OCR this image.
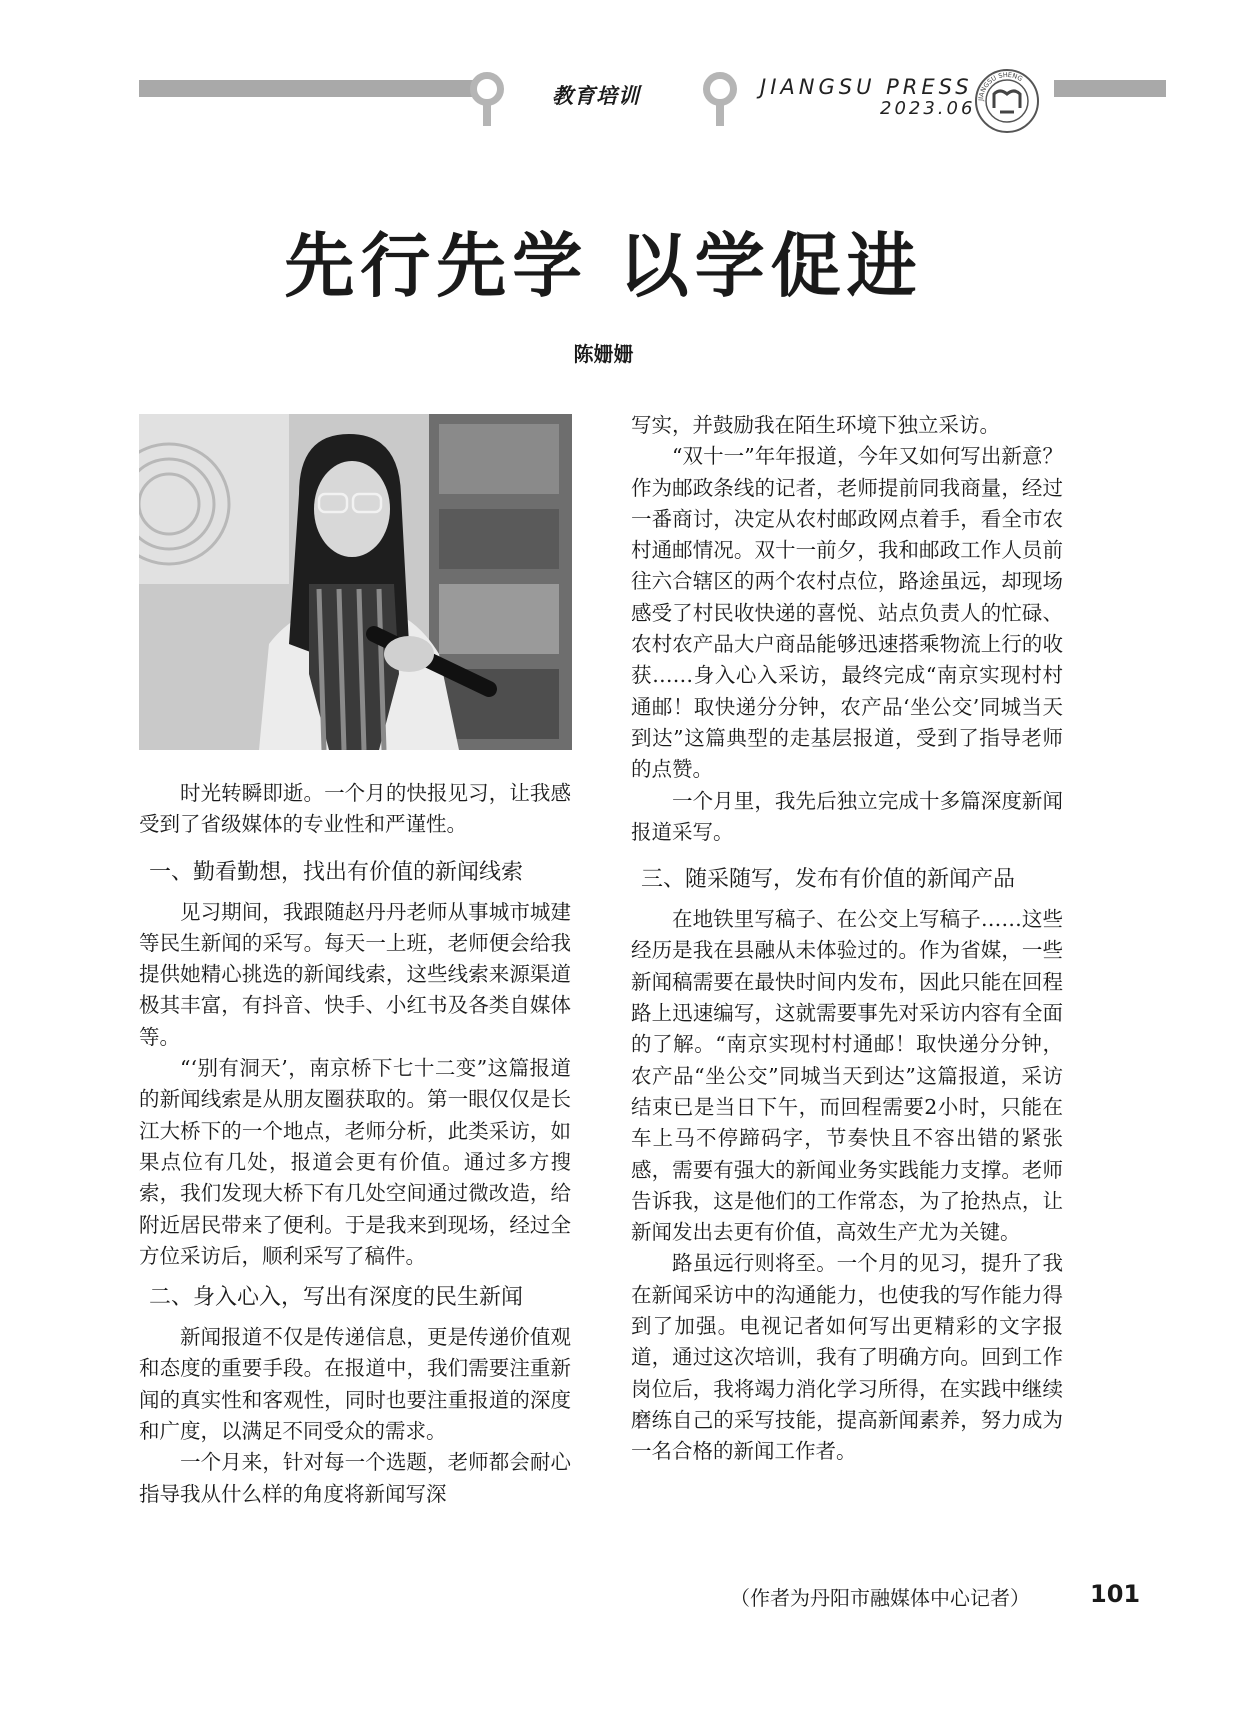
教育培训	JIANGSU PRESS
2023.06 JIANGSU SHENG
先行先学 以学促进
陈姗姗

时光转瞬即逝。一个月的快报见习，让我感受到了省级媒体的专业性和严谨性。

一、勤看勤想，找出有价值的新闻线索

见习期间，我跟随赵丹丹老师从事城市城建等民生新闻的采写。每天一上班，老师便会给我提供她精心挑选的新闻线索，这些线索来源渠道极其丰富，有抖音、快手、小红书及各类自媒体等。

“‘别有洞天’，南京桥下七十二变”这篇报道的新闻线索是从朋友圈获取的。第一眼仅仅是长江大桥下的一个地点，老师分析，此类采访，如果点位有几处，报道会更有价值。通过多方搜索，我们发现大桥下有几处空间通过微改造，给附近居民带来了便利。于是我来到现场，经过全方位采访后，顺利采写了稿件。

二、身入心入，写出有深度的民生新闻

新闻报道不仅是传递信息，更是传递价值观和态度的重要手段。在报道中，我们需要注重新闻的真实性和客观性，同时也要注重报道的深度和广度，以满足不同受众的需求。

一个月来，针对每一个选题，老师都会耐心指导我从什么样的角度将新闻写深

写实，并鼓励我在陌生环境下独立采访。

“双十一”年年报道，今年又如何写出新意？作为邮政条线的记者，老师提前同我商量，经过一番商讨，决定从农村邮政网点着手，看全市农村通邮情况。双十一前夕，我和邮政工作人员前往六合辖区的两个农村点位，路途虽远，却现场感受了村民收快递的喜悦、站点负责人的忙碌、农村农产品大户商品能够迅速搭乘物流上行的收获……身入心入采访，最终完成“南京实现村村通邮！取快递分分钟，农产品‘坐公交’同城当天到达”这篇典型的走基层报道，受到了指导老师的点赞。

一个月里，我先后独立完成十多篇深度新闻报道采写。

三、随采随写，发布有价值的新闻产品

在地铁里写稿子、在公交上写稿子……这些经历是我在县融从未体验过的。作为省媒，一些新闻稿需要在最快时间内发布，因此只能在回程路上迅速编写，这就需要事先对采访内容有全面的了解。“南京实现村村通邮！取快递分分钟，农产品“坐公交”同城当天到达”这篇报道，采访结束已是当日下午，而回程需要2小时，只能在车上马不停蹄码字，节奏快且不容出错的紧张感，需要有强大的新闻业务实践能力支撑。老师告诉我，这是他们的工作常态，为了抢热点，让新闻发出去更有价值，高效生产尤为关键。

路虽远行则将至。一个月的见习，提升了我在新闻采访中的沟通能力，也使我的写作能力得到了加强。电视记者如何写出更精彩的文字报道，通过这次培训，我有了明确方向。回到工作岗位后，我将竭力消化学习所得，在实践中继续磨练自己的采写技能，提高新闻素养，努力成为一名合格的新闻工作者。

（作者为丹阳市融媒体中心记者）	101
